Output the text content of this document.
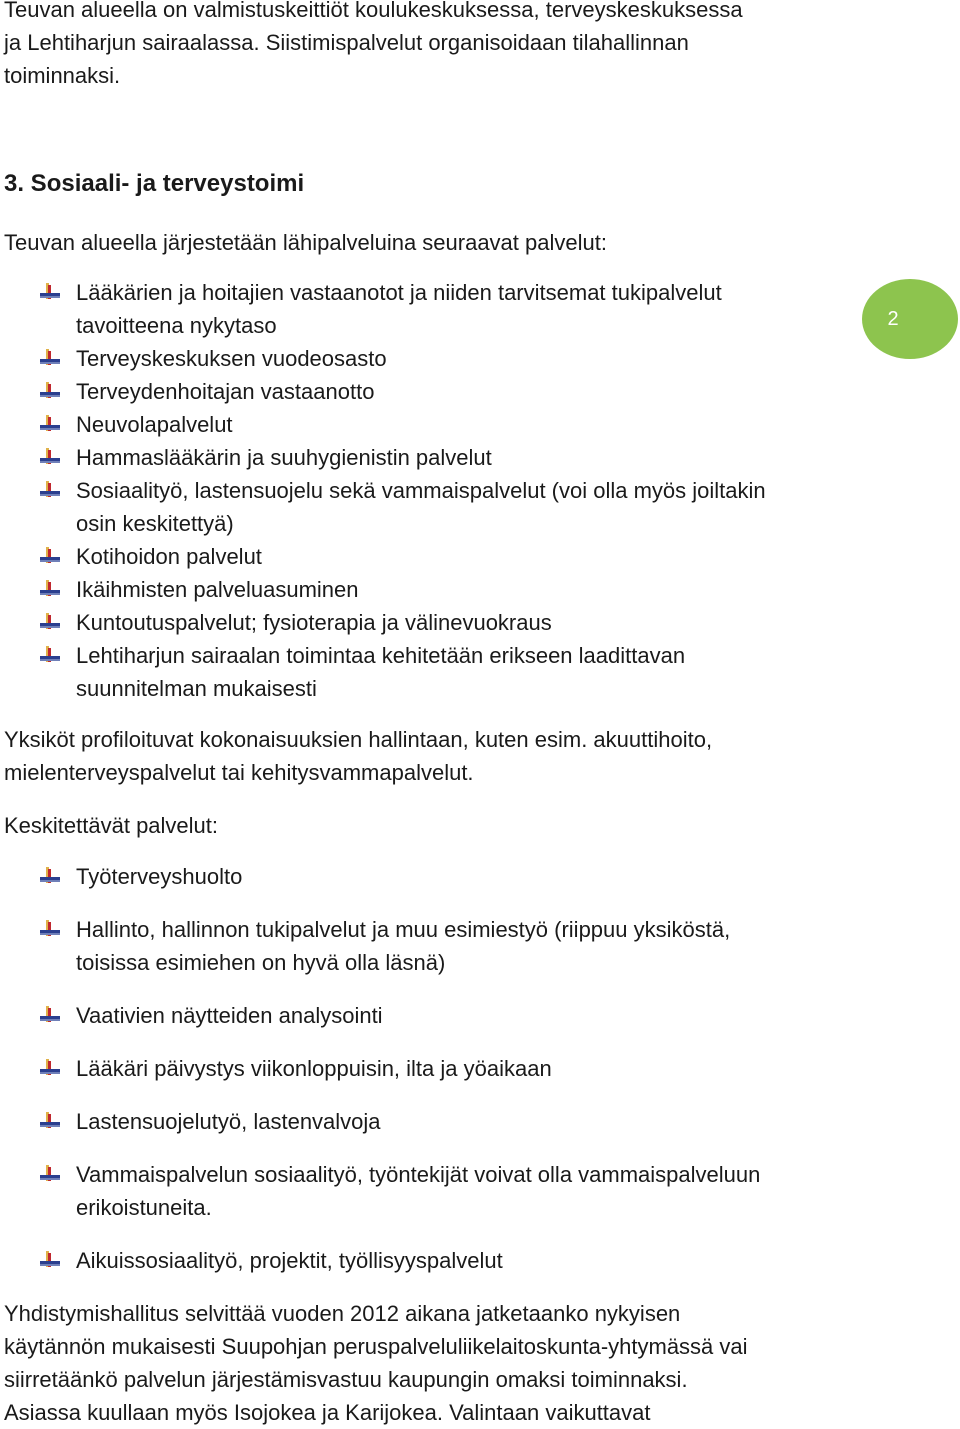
Teuvan alueella on valmistuskeittiöt koulukeskuksessa, terveyskeskuksessa
ja Lehtiharjun sairaalassa. Siistimispalvelut organisoidaan tilahallinnan
toiminnaksi.

3. Sosiaali- ja terveystoimi

Teuvan alueella järjestetään lähipalveluina seuraavat palvelut:

Lääkärien ja hoitajien vastaanotot ja niiden tarvitsemat tukipalvelut
tavoitteena nykytaso
Terveyskeskuksen vuodeosasto
Terveydenhoitajan vastaanotto
Neuvolapalvelut
Hammaslääkärin ja suuhygienistin palvelut
Sosiaalityö, lastensuojelu sekä vammaispalvelut (voi olla myös joiltakin
osin keskitettyä)
Kotihoidon palvelut
Ikäihmisten palveluasuminen
Kuntoutuspalvelut; fysioterapia ja välinevuokraus
Lehtiharjun sairaalan toimintaa kehitetään erikseen laadittavan
suunnitelman mukaisesti

Yksiköt profiloituvat kokonaisuuksien hallintaan, kuten esim. akuuttihoito,
mielenterveyspalvelut tai kehitysvammapalvelut.

Keskitettävät palvelut:

Työterveyshuolto
Hallinto, hallinnon tukipalvelut ja muu esimiestyö (riippuu yksiköstä,
toisissa esimiehen on hyvä olla läsnä)
Vaativien näytteiden analysointi
Lääkäri päivystys viikonloppuisin, ilta ja yöaikaan
Lastensuojelutyö, lastenvalvoja
Vammaispalvelun sosiaalityö, työntekijät voivat olla vammaispalveluun
erikoistuneita.
Aikuissosiaalityö, projektit, työllisyyspalvelut

Yhdistymishallitus selvittää vuoden 2012 aikana jatketaanko nykyisen
käytännön mukaisesti Suupohjan peruspalveluliikelaitoskunta-yhtymässä vai
siirretäänkö palvelun järjestämisvastuu kaupungin omaksi toiminnaksi.
Asiassa kuullaan myös Isojokea ja Karijokea. Valintaan vaikuttavat

2
